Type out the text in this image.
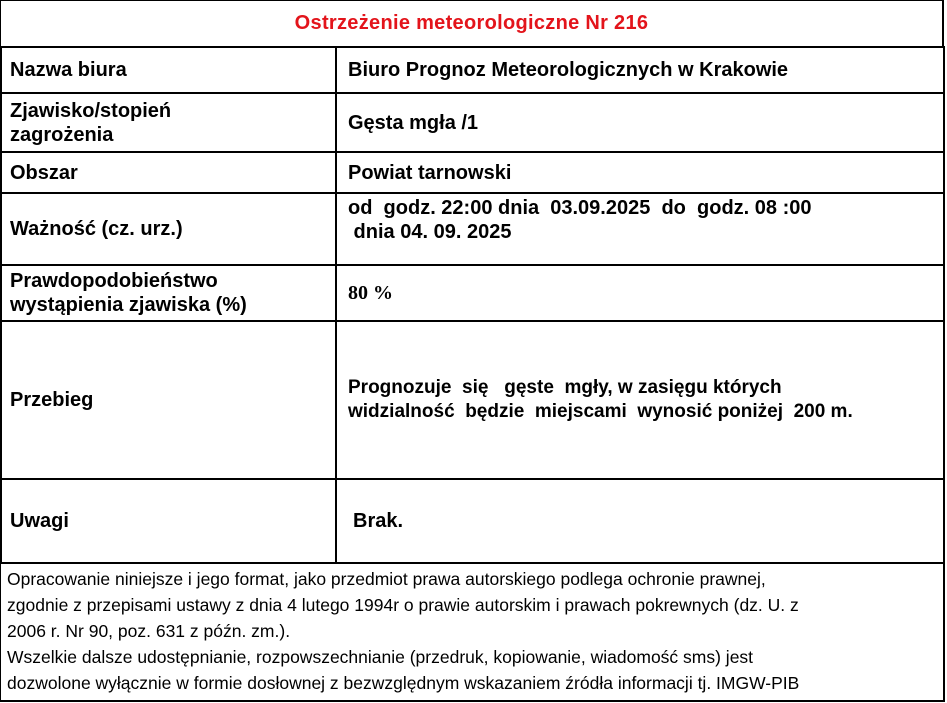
Ostrzeżenie meteorologiczne Nr 216
Nazwa biura	Biuro Prognoz Meteorologicznych w Krakowie

Zjawisko/stopień
zagrożenia	Gęsta mgła /1
Obszar	Powiat tarnowski
Ważność (cz. urz.)	od  godz. 22:00 dnia  03.09.2025  do  godz. 08 :00
dnia 04. 09. 2025

Prawdopodobieństwo
wystąpienia zjawiska (%)	80 %
Przebieg	Prognozuje  się   gęste  mgły, w zasięgu których
widzialność  będzie  miejscami  wynosić poniżej  200 m.

Uwagi	Brak.
Opracowanie niniejsze i jego format, jako przedmiot prawa autorskiego podlega ochronie prawnej,
zgodnie z przepisami ustawy z dnia 4 lutego 1994r o prawie autorskim i prawach pokrewnych (dz. U. z
2006 r. Nr 90, poz. 631 z późn. zm.).
Wszelkie dalsze udostępnianie, rozpowszechnianie (przedruk, kopiowanie, wiadomość sms) jest
dozwolone wyłącznie w formie dosłownej z bezwzględnym wskazaniem źródła informacji tj. IMGW-PIB
